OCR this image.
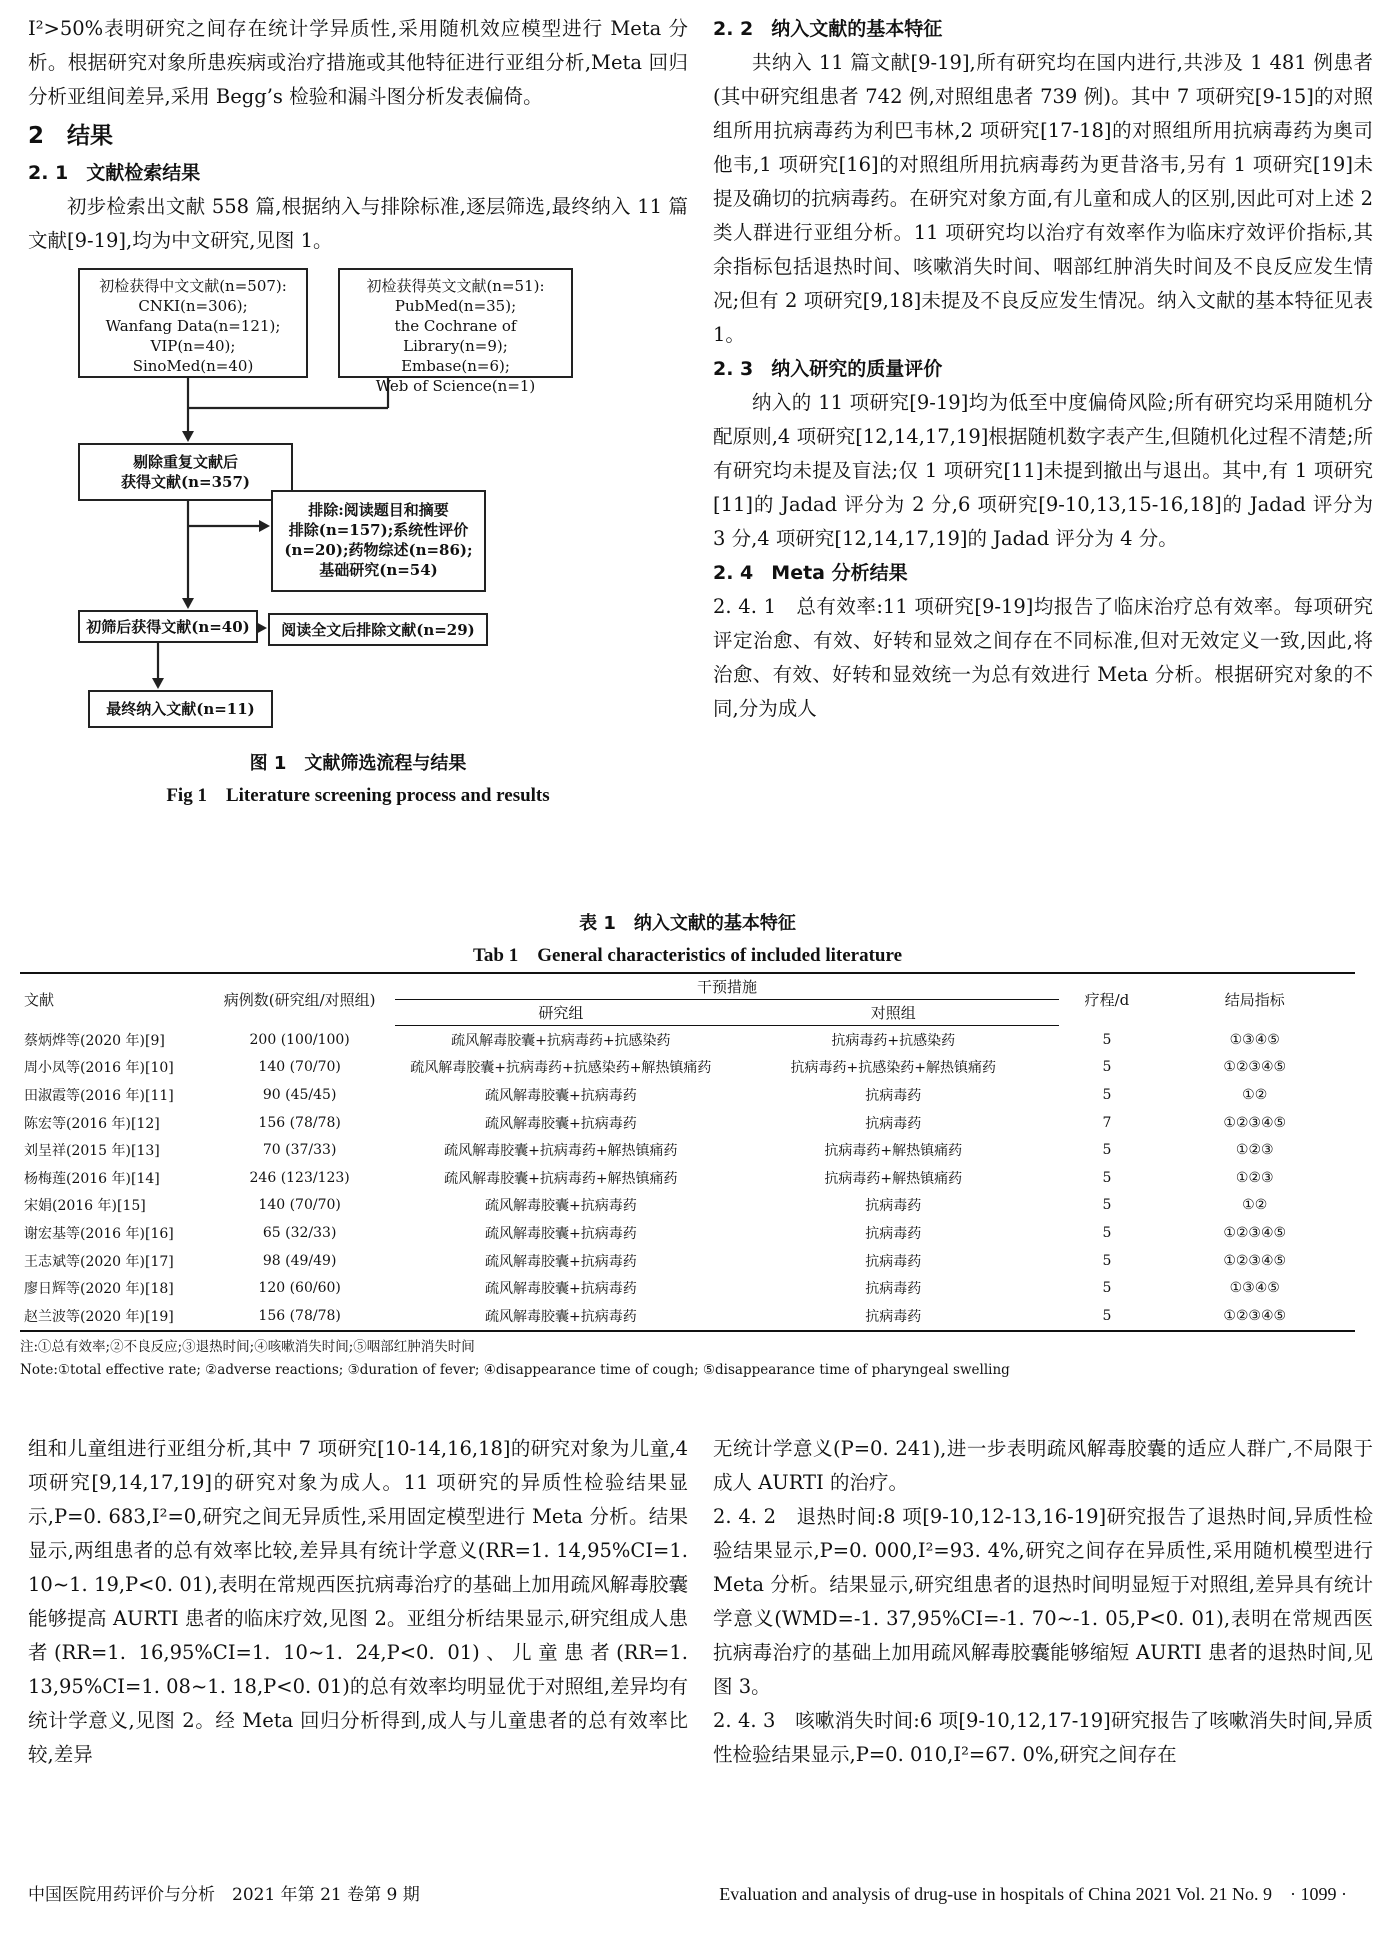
I²>50%表明研究之间存在统计学异质性,采用随机效应模型进行 Meta 分析。根据研究对象所患疾病或治疗措施或其他特征进行亚组分析,Meta 回归分析亚组间差异,采用 Begg’s 检验和漏斗图分析发表偏倚。

2　结果
2. 1 文献检索结果

初步检索出文献 558 篇,根据纳入与排除标准,逐层筛选,最终纳入 11 篇文献[9-19],均为中文研究,见图 1。

初检获得中文文献(n=507):
CNKI(n=306);
Wanfang Data(n=121);
VIP(n=40);
SinoMed(n=40)
初检获得英文文献(n=51):
PubMed(n=35);
the Cochrane of Library(n=9);
Embase(n=6);
Web of Science(n=1)
剔除重复文献后
获得文献(n=357)
排除:阅读题目和摘要
排除(n=157);系统性评价
(n=20);药物综述(n=86);
基础研究(n=54)
初筛后获得文献(n=40)	阅读全文后排除文献(n=29)
最终纳入文献(n=11)
图 1　文献筛选流程与结果
Fig 1　Literature screening process and results
2. 2 纳入文献的基本特征

共纳入 11 篇文献[9-19],所有研究均在国内进行,共涉及 1 481 例患者(其中研究组患者 742 例,对照组患者 739 例)。其中 7 项研究[9-15]的对照组所用抗病毒药为利巴韦林,2 项研究[17-18]的对照组所用抗病毒药为奥司他韦,1 项研究[16]的对照组所用抗病毒药为更昔洛韦,另有 1 项研究[19]未提及确切的抗病毒药。在研究对象方面,有儿童和成人的区别,因此可对上述 2 类人群进行亚组分析。11 项研究均以治疗有效率作为临床疗效评价指标,其余指标包括退热时间、咳嗽消失时间、咽部红肿消失时间及不良反应发生情况;但有 2 项研究[9,18]未提及不良反应发生情况。纳入文献的基本特征见表 1。

2. 3 纳入研究的质量评价

纳入的 11 项研究[9-19]均为低至中度偏倚风险;所有研究均采用随机分配原则,4 项研究[12,14,17,19]根据随机数字表产生,但随机化过程不清楚;所有研究均未提及盲法;仅 1 项研究[11]未提到撤出与退出。其中,有 1 项研究[11]的 Jadad 评分为 2 分,6 项研究[9-10,13,15-16,18]的 Jadad 评分为 3 分,4 项研究[12,14,17,19]的 Jadad 评分为 4 分。

2. 4 Meta 分析结果

2. 4. 1　总有效率:11 项研究[9-19]均报告了临床治疗总有效率。每项研究评定治愈、有效、好转和显效之间存在不同标准,但对无效定义一致,因此,将治愈、有效、好转和显效统一为总有效进行 Meta 分析。根据研究对象的不同,分为成人

表 1　纳入文献的基本特征
Tab 1　General characteristics of included literature
文献	病例数(研究组/对照组)	干预措施		疗程/d	结局指标
		研究组	对照组		
蔡炳烨等(2020 年)[9]	200 (100/100)	疏风解毒胶囊+抗病毒药+抗感染药	抗病毒药+抗感染药	5	①③④⑤
周小凤等(2016 年)[10]	140 (70/70)	疏风解毒胶囊+抗病毒药+抗感染药+解热镇痛药	抗病毒药+抗感染药+解热镇痛药	5	①②③④⑤
田淑霞等(2016 年)[11]	90 (45/45)	疏风解毒胶囊+抗病毒药	抗病毒药	5	①②
陈宏等(2016 年)[12]	156 (78/78)	疏风解毒胶囊+抗病毒药	抗病毒药	7	①②③④⑤
刘呈祥(2015 年)[13]	70 (37/33)	疏风解毒胶囊+抗病毒药+解热镇痛药	抗病毒药+解热镇痛药	5	①②③
杨梅莲(2016 年)[14]	246 (123/123)	疏风解毒胶囊+抗病毒药+解热镇痛药	抗病毒药+解热镇痛药	5	①②③
宋娟(2016 年)[15]	140 (70/70)	疏风解毒胶囊+抗病毒药	抗病毒药	5	①②
谢宏基等(2016 年)[16]	65 (32/33)	疏风解毒胶囊+抗病毒药	抗病毒药	5	①②③④⑤
王志斌等(2020 年)[17]	98 (49/49)	疏风解毒胶囊+抗病毒药	抗病毒药	5	①②③④⑤
廖日辉等(2020 年)[18]	120 (60/60)	疏风解毒胶囊+抗病毒药	抗病毒药	5	①③④⑤
赵兰波等(2020 年)[19]	156 (78/78)	疏风解毒胶囊+抗病毒药	抗病毒药	5	①②③④⑤
注:①总有效率;②不良反应;③退热时间;④咳嗽消失时间;⑤咽部红肿消失时间
Note:①total effective rate; ②adverse reactions; ③duration of fever; ④disappearance time of cough; ⑤disappearance time of pharyngeal swelling

组和儿童组进行亚组分析,其中 7 项研究[10-14,16,18]的研究对象为儿童,4 项研究[9,14,17,19]的研究对象为成人。11 项研究的异质性检验结果显示,P=0. 683,I²=0,研究之间无异质性,采用固定模型进行 Meta 分析。结果显示,两组患者的总有效率比较,差异具有统计学意义(RR=1. 14,95%CI=1. 10~1. 19,P<0. 01),表明在常规西医抗病毒治疗的基础上加用疏风解毒胶囊能够提高 AURTI 患者的临床疗效,见图 2。亚组分析结果显示,研究组成人患者(RR=1. 16,95%CI=1. 10~1. 24,P<0. 01)、儿童患者(RR=1. 13,95%CI=1. 08~1. 18,P<0. 01)的总有效率均明显优于对照组,差异均有统计学意义,见图 2。经 Meta 回归分析得到,成人与儿童患者的总有效率比较,差异

无统计学意义(P=0. 241),进一步表明疏风解毒胶囊的适应人群广,不局限于成人 AURTI 的治疗。

2. 4. 2　退热时间:8 项[9-10,12-13,16-19]研究报告了退热时间,异质性检验结果显示,P=0. 000,I²=93. 4%,研究之间存在异质性,采用随机模型进行 Meta 分析。结果显示,研究组患者的退热时间明显短于对照组,差异具有统计学意义(WMD=-1. 37,95%CI=-1. 70~-1. 05,P<0. 01),表明在常规西医抗病毒治疗的基础上加用疏风解毒胶囊能够缩短 AURTI 患者的退热时间,见图 3。

2. 4. 3　咳嗽消失时间:6 项[9-10,12,17-19]研究报告了咳嗽消失时间,异质性检验结果显示,P=0. 010,I²=67. 0%,研究之间存在

中国医院用药评价与分析　2021 年第 21 卷第 9 期	Evaluation and analysis of drug-use in hospitals of China 2021 Vol. 21 No. 9　· 1099 ·
